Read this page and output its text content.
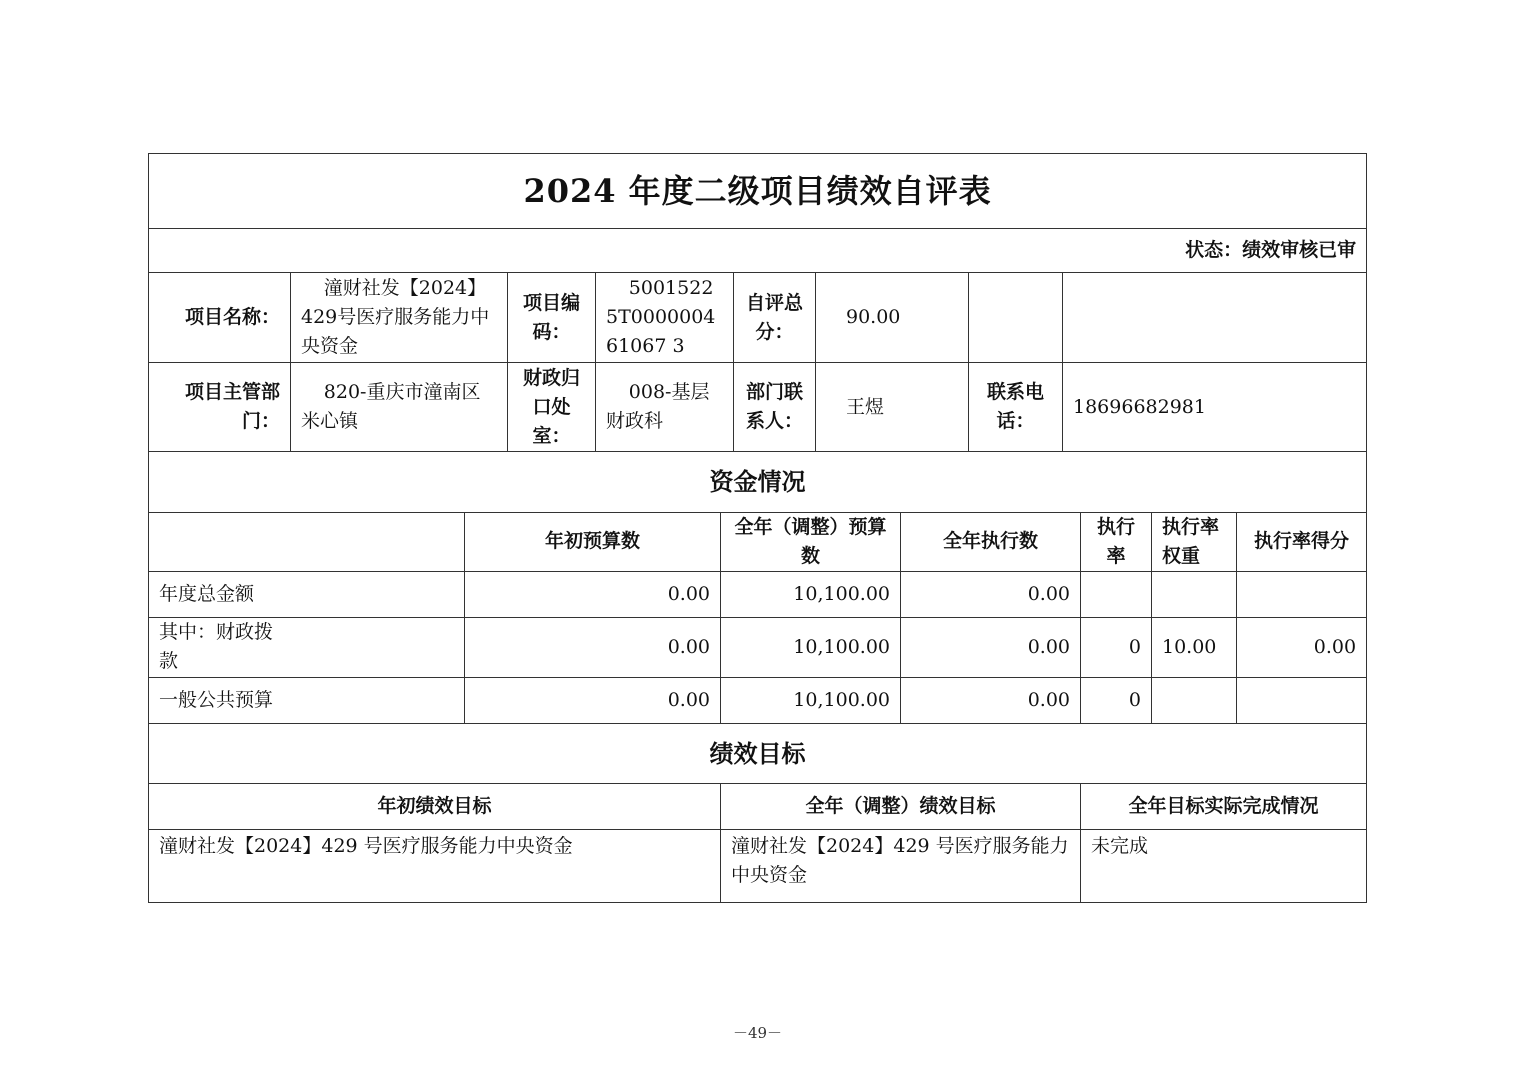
2024 年度二级项目绩效自评表							
状态：绩效审核已审							
项目名称：	潼财社发【2024】429号医疗服务能力中央资金	项目编码：	50015225T000000461067 3	自评总分：	90.00		
项目主管部门：	820-重庆市潼南区米心镇	财政归口处室：	008-基层财政科	部门联系人：	王煜	联系电话：	18696682981
资金情况						
	年初预算数	全年（调整）预算数	全年执行数	执行率	执行率权重	执行率得分
年度总金额	0.00	10,100.00	0.00			
其中：财政拨款	0.00	10,100.00	0.00	0	10.00	0.00
一般公共预算	0.00	10,100.00	0.00	0		
绩效目标		
年初绩效目标	全年（调整）绩效目标	全年目标实际完成情况
潼财社发【2024】429 号医疗服务能力中央资金	潼财社发【2024】429 号医疗服务能力中央资金	未完成
－49－
